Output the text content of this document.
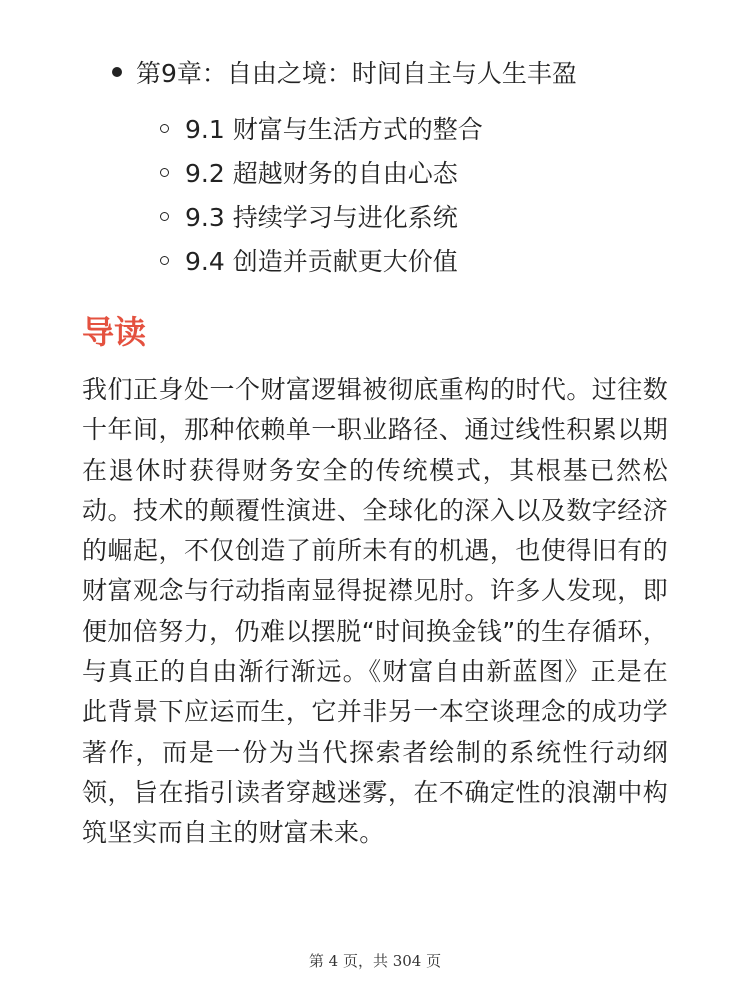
第9章：自由之境：时间自主与人生丰盈
9.1 财富与生活方式的整合
9.2 超越财务的自由心态
9.3 持续学习与进化系统
9.4 创造并贡献更大价值
导读

我们正身处一个财富逻辑被彻底重构的时代。过往数十年间，那种依赖单一职业路径、通过线性积累以期在退休时获得财务安全的传统模式，其根基已然松动。技术的颠覆性演进、全球化的深入以及数字经济的崛起，不仅创造了前所未有的机遇，也使得旧有的财富观念与行动指南显得捉襟见肘。许多人发现，即便加倍努力，仍难以摆脱“时间换金钱”的生存循环，与真正的自由渐行渐远。《财富自由新蓝图》正是在此背景下应运而生，它并非另一本空谈理念的成功学著作，而是一份为当代探索者绘制的系统性行动纲领，旨在指引读者穿越迷雾，在不确定性的浪潮中构筑坚实而自主的财富未来。

第 4 页，共 304 页
